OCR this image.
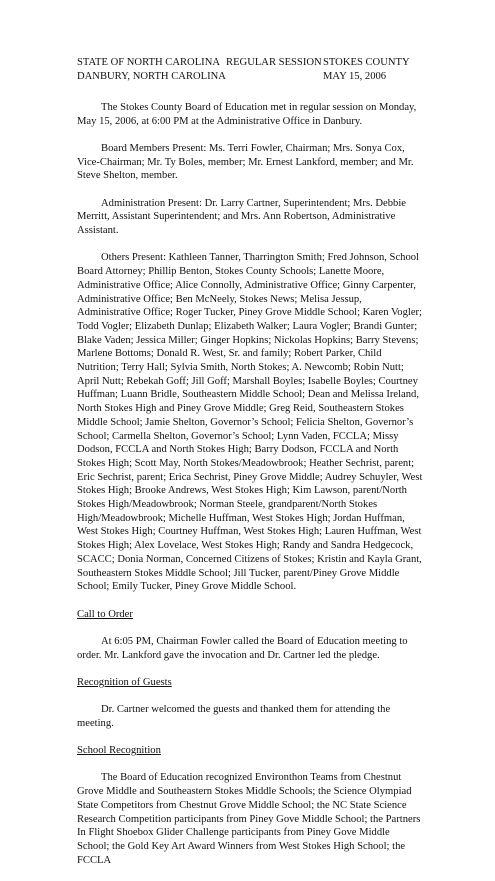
STATE OF NORTH CAROLINA REGULAR SESSION STOKES COUNTY
DANBURY, NORTH CAROLINA	MAY 15, 2006

The Stokes County Board of Education met in regular session on Monday, May 15, 2006, at 6:00 PM at the Administrative Office in Danbury.

Board Members Present: Ms. Terri Fowler, Chairman; Mrs. Sonya Cox, Vice-Chairman; Mr. Ty Boles, member; Mr. Ernest Lankford, member; and Mr. Steve Shelton, member.

Administration Present: Dr. Larry Cartner, Superintendent; Mrs. Debbie Merritt, Assistant Superintendent; and Mrs. Ann Robertson, Administrative Assistant.

Others Present: Kathleen Tanner, Tharrington Smith; Fred Johnson, School Board Attorney; Phillip Benton, Stokes County Schools; Lanette Moore, Administrative Office; Alice Connolly, Administrative Office; Ginny Carpenter, Administrative Office; Ben McNeely, Stokes News; Melisa Jessup, Administrative Office; Roger Tucker, Piney Grove Middle School; Karen Vogler; Todd Vogler; Elizabeth Dunlap; Elizabeth Walker; Laura Vogler; Brandi Gunter; Blake Vaden; Jessica Miller; Ginger Hopkins; Nickolas Hopkins; Barry Stevens; Marlene Bottoms; Donald R. West, Sr. and family; Robert Parker, Child Nutrition; Terry Hall; Sylvia Smith, North Stokes; A. Newcomb; Robin Nutt; April Nutt; Rebekah Goff; Jill Goff; Marshall Boyles; Isabelle Boyles; Courtney Huffman; Luann Bridle, Southeastern Middle School; Dean and Melissa Ireland, North Stokes High and Piney Grove Middle; Greg Reid, Southeastern Stokes Middle School; Jamie Shelton, Governor’s School; Felicia Shelton, Governor’s School; Carmella Shelton, Governor’s School; Lynn Vaden, FCCLA; Missy Dodson, FCCLA and North Stokes High; Barry Dodson, FCCLA and North Stokes High; Scott May, North Stokes/Meadowbrook; Heather Sechrist, parent; Eric Sechrist, parent; Erica Sechrist, Piney Grove Middle; Audrey Schuyler, West Stokes High; Brooke Andrews, West Stokes High; Kim Lawson, parent/North Stokes High/Meadowbrook; Norman Steele, grandparent/North Stokes High/Meadowbrook; Michelle Huffman, West Stokes High; Jordan Huffman, West Stokes High; Courtney Huffman, West Stokes High; Lauren Huffman, West Stokes High; Alex Lovelace, West Stokes High; Randy and Sandra Hedgecock, SCACC; Donia Norman, Concerned Citizens of Stokes; Kristin and Kayla Grant, Southeastern Stokes Middle School; Jill Tucker, parent/Piney Grove Middle School; Emily Tucker, Piney Grove Middle School.

Call to Order

At 6:05 PM, Chairman Fowler called the Board of Education meeting to order. Mr. Lankford gave the invocation and Dr. Cartner led the pledge.

Recognition of Guests

Dr. Cartner welcomed the guests and thanked them for attending the meeting.

School Recognition

The Board of Education recognized Environthon Teams from Chestnut Grove Middle and Southeastern Stokes Middle Schools; the Science Olympiad State Competitors from Chestnut Grove Middle School; the NC State Science Research Competition participants from Piney Gove Middle School; the Partners In Flight Shoebox Glider Challenge participants from Piney Gove Middle School; the Gold Key Art Award Winners from West Stokes High School; the FCCLA
